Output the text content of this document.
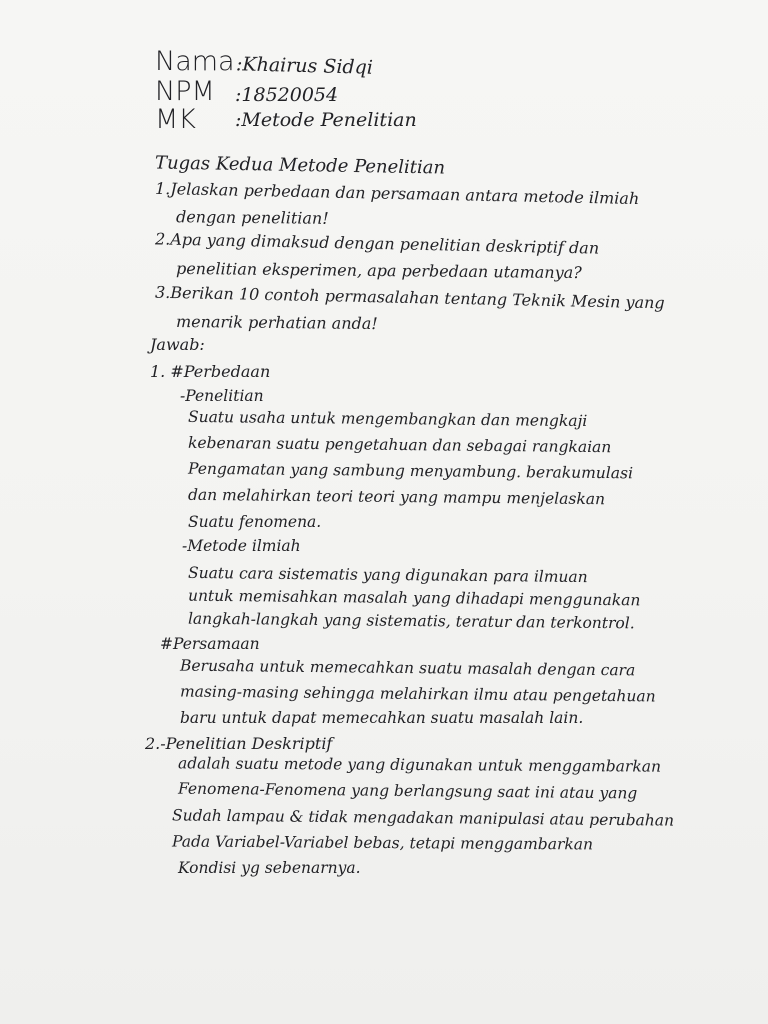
Nama :Khairus Sidqi
NPM :18520054
MK :Metode Penelitian
Tugas Kedua Metode Penelitian
1.Jelaskan perbedaan dan persamaan antara metode ilmiah
dengan penelitian!
2.Apa yang dimaksud dengan penelitian deskriptif dan
penelitian eksperimen, apa perbedaan utamanya?
3.Berikan 10 contoh permasalahan tentang Teknik Mesin yang
menarik perhatian anda!
Jawab:
1. #Perbedaan
-Penelitian
Suatu usaha untuk mengembangkan dan mengkaji
kebenaran suatu pengetahuan dan sebagai rangkaian
Pengamatan yang sambung menyambung. berakumulasi
dan melahirkan teori teori yang mampu menjelaskan
Suatu fenomena.
-Metode ilmiah
Suatu cara sistematis yang digunakan para ilmuan
untuk memisahkan masalah yang dihadapi menggunakan
langkah-langkah yang sistematis, teratur dan terkontrol.
#Persamaan
Berusaha untuk memecahkan suatu masalah dengan cara
masing-masing sehingga melahirkan ilmu atau pengetahuan
baru untuk dapat memecahkan suatu masalah lain.
2.-Penelitian Deskriptif
adalah suatu metode yang digunakan untuk menggambarkan
Fenomena-Fenomena yang berlangsung saat ini atau yang
Sudah lampau & tidak mengadakan manipulasi atau perubahan
Pada Variabel-Variabel bebas, tetapi menggambarkan
Kondisi yg sebenarnya.
